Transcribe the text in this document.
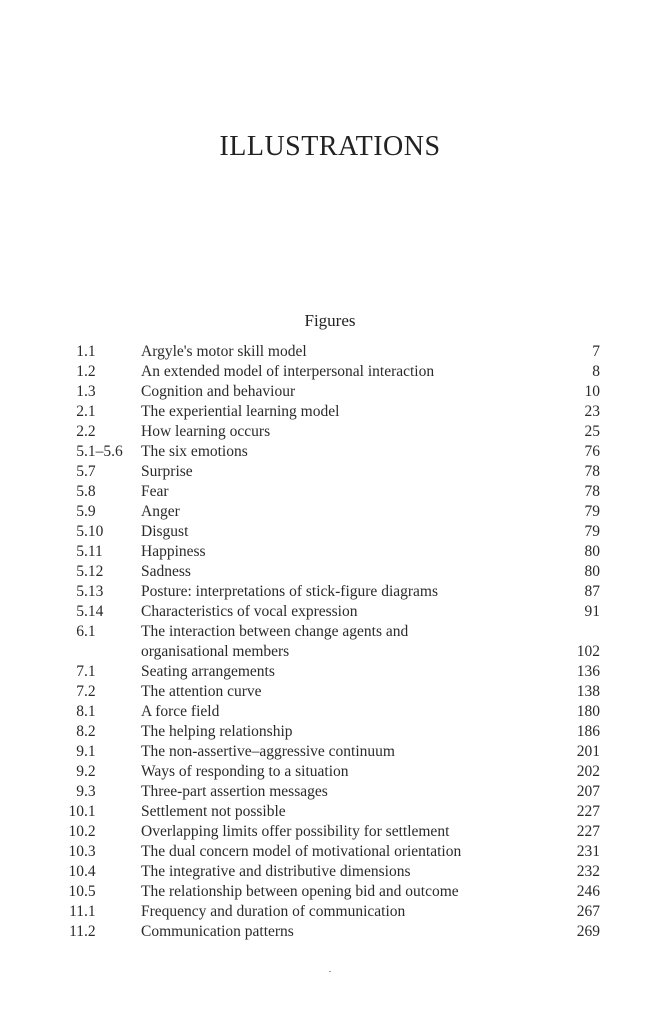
ILLUSTRATIONS
Figures
1.1	Argyle's motor skill model	7
1.2	An extended model of interpersonal interaction	8
1.3	Cognition and behaviour	10
2.1	The experiential learning model	23
2.2	How learning occurs	25
5.1–5.6 The six emotions	76
5.7	Surprise	78
5.8	Fear	78
5.9	Anger	79
5.10 Disgust	79
5.11 Happiness	80
5.12 Sadness	80
5.13 Posture: interpretations of stick-figure diagrams	87
5.14 Characteristics of vocal expression	91
6.1	The interaction between change agents and
organisational members	102
7.1	Seating arrangements	136
7.2	The attention curve	138
8.1	A force field	180
8.2	The helping relationship	186
9.1	The non-assertive–aggressive continuum	201
9.2	Ways of responding to a situation	202
9.3	Three-part assertion messages	207
10.1	Settlement not possible	227
10.2	Overlapping limits offer possibility for settlement	227
10.3	The dual concern model of motivational orientation	231
10.4	The integrative and distributive dimensions	232
10.5	The relationship between opening bid and outcome	246
11.1	Frequency and duration of communication	267
11.2	Communication patterns	269
